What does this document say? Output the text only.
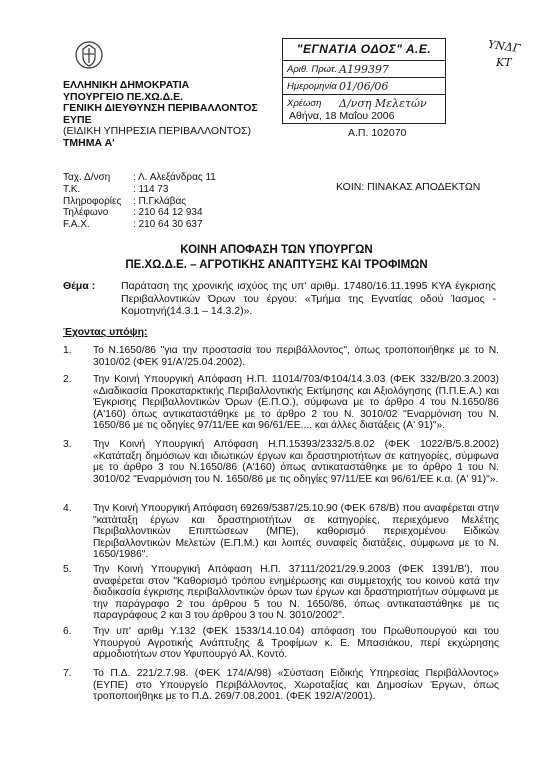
ΕΛΛΗΝΙΚΗ ΔΗΜΟΚΡΑΤΙΑ
ΥΠΟΥΡΓΕΙΟ ΠΕ.ΧΩ.Δ.Ε.
ΓΕΝΙΚΗ ΔΙΕΥΘΥΝΣΗ ΠΕΡΙΒΑΛΛΟΝΤΟΣ
ΕΥΠΕ
(ΕΙΔΙΚΗ ΥΠΗΡΕΣΙΑ ΠΕΡΙΒΑΛΛΟΝΤΟΣ)
ΤΜΗΜΑ Α'
Ταχ. Δ/νση	: Λ. Αλεξάνδρας 11
Τ.Κ.	: 114 73
Πληροφορίες	: Π.Γκλάβας
Τηλέφωνο	: 210 64 12 934
F.A.X.	: 210 64 30 637
"ΕΓΝΑΤΙΑ ΟΔΟΣ" Α.Ε.
Αριθ. Πρωτ. Α199397
Ημερομηνία 01/06/06
Χρέωση	Δ/νση Μελετών
ΥΝΔΓ
ΚΤ
Αθήνα, 18 Μαΐου 2006
Α.Π. 102070
ΚΟΙΝ: ΠΙΝΑΚΑΣ ΑΠΟΔΕΚΤΩΝ
ΚΟΙΝΗ ΑΠΟΦΑΣΗ ΤΩΝ ΥΠΟΥΡΓΩΝ
ΠΕ.ΧΩ.Δ.Ε. – ΑΓΡΟΤΙΚΗΣ ΑΝΑΠΤΥΞΗΣ ΚΑΙ ΤΡΟΦΙΜΩΝ
Θέμα : Παράταση της χρονικής ισχύος της υπ' αριθμ. 17480/16.11.1995 ΚΥΑ έγκρισης Περιβαλλοντικών Όρων του έργου: «Τμήμα της Εγνατίας οδού Ίασμος - Κομοτηνή(14.3.1 – 14.3.2)».
Έχοντας υπόψη:
1.	Το Ν.1650/86 "για την προστασία του περιβάλλοντος", όπως τροποποιήθηκε με το Ν. 3010/02 (ΦΕΚ 91/Α'/25.04.2002).
2.	Την Κοινή Υπουργική Απόφαση Η.Π. 11014/703/Φ104/14.3.03 (ΦΕΚ 332/Β/20.3.2003) «Διαδικασία Προκαταρκτικής Περιβαλλοντικής Εκτίμησης και Αξιολόγησης (Π.Π.Ε.Α.) και Έγκρισης Περιβαλλοντικών Όρων (Ε.Π.Ο.), σύμφωνα με το άρθρο 4 του Ν.1650/86 (Α'160) όπως αντικαταστάθηκε με το άρθρο 2 του Ν. 3010/02 "Εναρμόνιση του Ν. 1650/86 με τις οδηγίες 97/11/ΕΕ και 96/61/ΕΕ.... και άλλες διατάξεις (Α' 91)"».
3.	Την Κοινή Υπουργική Απόφαση Η.Π.15393/2332/5.8.02 (ΦΕΚ 1022/Β/5.8.2002) «Κατάταξη δημόσιων και ιδιωτικών έργων και δραστηριοτήτων σε κατηγορίες, σύμφωνα με το άρθρο 3 του Ν.1650/86 (Α'160) όπως αντικαταστάθηκε με το άρθρο 1 του Ν. 3010/02 "Εναρμόνιση του Ν. 1650/86 με τις οδηγίες 97/11/ΕΕ και 96/61/ΕΕ κ.α. (Α' 91)"».
4.	Την Κοινή Υπουργική Απόφαση 69269/5387/25.10.90 (ΦΕΚ 678/Β) που αναφέρεται στην "κατάταξη έργων και δραστηριοτήτων σε κατηγορίες, περιεχόμενο Μελέτης Περιβαλλοντικών Επιπτώσεων (ΜΠΕ), καθορισμό περιεχομένου Ειδικών Περιβαλλοντικών Μελετών (Ε.Π.Μ.) και λοιπές συναφείς διατάξεις, σύμφωνα με το Ν. 1650/1986".
5.	Την Κοινή Υπουργική Απόφαση Η.Π. 37111/2021/29.9.2003 (ΦΕΚ 1391/Β'), που αναφέρεται στον "Καθορισμό τρόπου ενημέρωσης και συμμετοχής του κοινού κατά την διαδικασία έγκρισης περιβαλλοντικών όρων των έργων και δραστηριοτήτων σύμφωνα με την παράγραφο 2 του άρθρου 5 του Ν. 1650/86, όπως αντικαταστάθηκε με τις παραγράφους 2 και 3 του άρθρου 3 του Ν. 3010/2002".
6.	Την υπ' αριθμ Υ.132 (ΦΕΚ 1533/14.10.04) απόφαση του Πρωθυπουργού και του Υπουργού Αγροτικής Ανάπτυξης & Τροφίμων κ. Ε. Μπασιάκου, περί εκχώρησης αρμοδιοτήτων στον Υφυπουργό Αλ. Κοντό.
7.	Το Π.Δ. 221/2.7.98. (ΦΕΚ 174/Α/98) «Σύσταση Ειδικής Υπηρεσίας Περιβάλλοντος» (ΕΥΠΕ) στο Υπουργείο Περιβάλλοντος, Χωροταξίας και Δημοσίων Έργων, όπως τροποποιήθηκε με το Π.Δ. 269/7.08.2001. (ΦΕΚ 192/Α'/2001).
